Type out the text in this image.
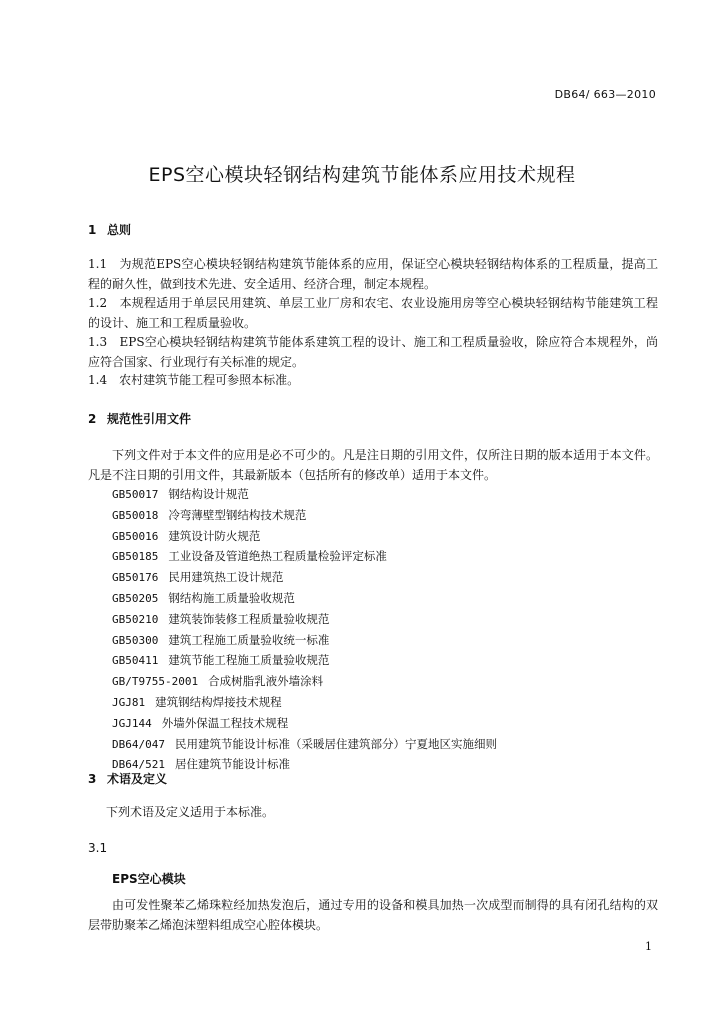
DB64/ 663—2010
EPS空心模块轻钢结构建筑节能体系应用技术规程
1 总则
1.1　为规范EPS空心模块轻钢结构建筑节能体系的应用，保证空心模块轻钢结构体系的工程质量，提高工程的耐久性，做到技术先进、安全适用、经济合理，制定本规程。
1.2　本规程适用于单层民用建筑、单层工业厂房和农宅、农业设施用房等空心模块轻钢结构节能建筑工程的设计、施工和工程质量验收。
1.3　EPS空心模块轻钢结构建筑节能体系建筑工程的设计、施工和工程质量验收，除应符合本规程外，尚应符合国家、行业现行有关标准的规定。
1.4　农村建筑节能工程可参照本标准。
2 规范性引用文件
下列文件对于本文件的应用是必不可少的。凡是注日期的引用文件，仅所注日期的版本适用于本文件。凡是不注日期的引用文件，其最新版本（包括所有的修改单）适用于本文件。
GB50017 钢结构设计规范
GB50018 冷弯薄壁型钢结构技术规范
GB50016 建筑设计防火规范
GB50185 工业设备及管道绝热工程质量检验评定标准
GB50176 民用建筑热工设计规范
GB50205 钢结构施工质量验收规范
GB50210 建筑装饰装修工程质量验收规范
GB50300 建筑工程施工质量验收统一标准
GB50411 建筑节能工程施工质量验收规范
GB/T9755-2001 合成树脂乳液外墙涂料
JGJ81 建筑钢结构焊接技术规程
JGJ144 外墙外保温工程技术规程
DB64/047 民用建筑节能设计标准（采暖居住建筑部分）宁夏地区实施细则
DB64/521 居住建筑节能设计标准
3 术语及定义
下列术语及定义适用于本标准。
3.1
EPS空心模块
由可发性聚苯乙烯珠粒经加热发泡后，通过专用的设备和模具加热一次成型而制得的具有闭孔结构的双层带肋聚苯乙烯泡沫塑料组成空心腔体模块。
1
